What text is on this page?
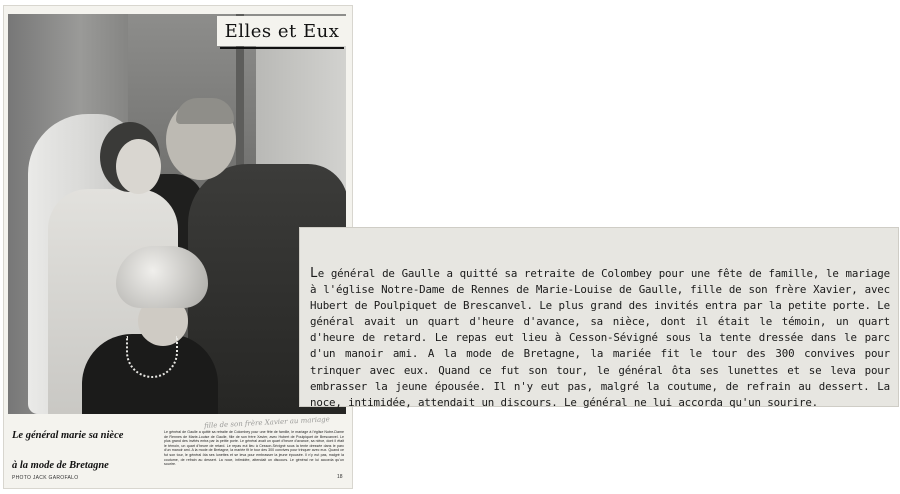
Elles et Eux
Le général marie sa nièce
à la mode de Bretagne
PHOTO JACK GAROFALO
fille de son frère Xavier au mariage
Le général de Gaulle a quitté sa retraite de Colombey pour une fête de famille, le mariage à l'église Notre-Dame de Rennes de Marie-Louise de Gaulle, fille de son frère Xavier, avec Hubert de Poulpiquet de Brescanvel. Le plus grand des invités entra par la petite porte. Le général avait un quart d'heure d'avance, sa nièce, dont il était le témoin, un quart d'heure de retard. Le repas eut lieu à Cesson-Sévigné sous la tente dressée dans le parc d'un manoir ami. A la mode de Bretagne, la mariée fit le tour des 300 convives pour trinquer avec eux. Quand ce fut son tour, le général ôta ses lunettes et se leva pour embrasser la jeune épousée. Il n'y eut pas, malgré la coutume, de refrain au dessert. La noce, intimidée, attendait un discours. Le général ne lui accorda qu'un sourire.
18
Le général de Gaulle a quitté sa retraite de Colombey pour une fête de famille, le mariage à l'église Notre-Dame de Rennes de Marie-Louise de Gaulle, fille de son frère Xavier, avec Hubert de Poulpiquet de Brescanvel. Le plus grand des invités entra par la petite porte. Le général avait un quart d'heure d'avance, sa nièce, dont il était le témoin, un quart d'heure de retard. Le repas eut lieu à Cesson-Sévigné sous la tente dressée dans le parc d'un manoir ami. A la mode de Bretagne, la mariée fit le tour des 300 convives pour trinquer avec eux. Quand ce fut son tour, le général ôta ses lunettes et se leva pour embrasser la jeune épousée. Il n'y eut pas, malgré la coutume, de refrain au dessert. La noce, intimidée, attendait un discours. Le général ne lui accorda qu'un sourire.
